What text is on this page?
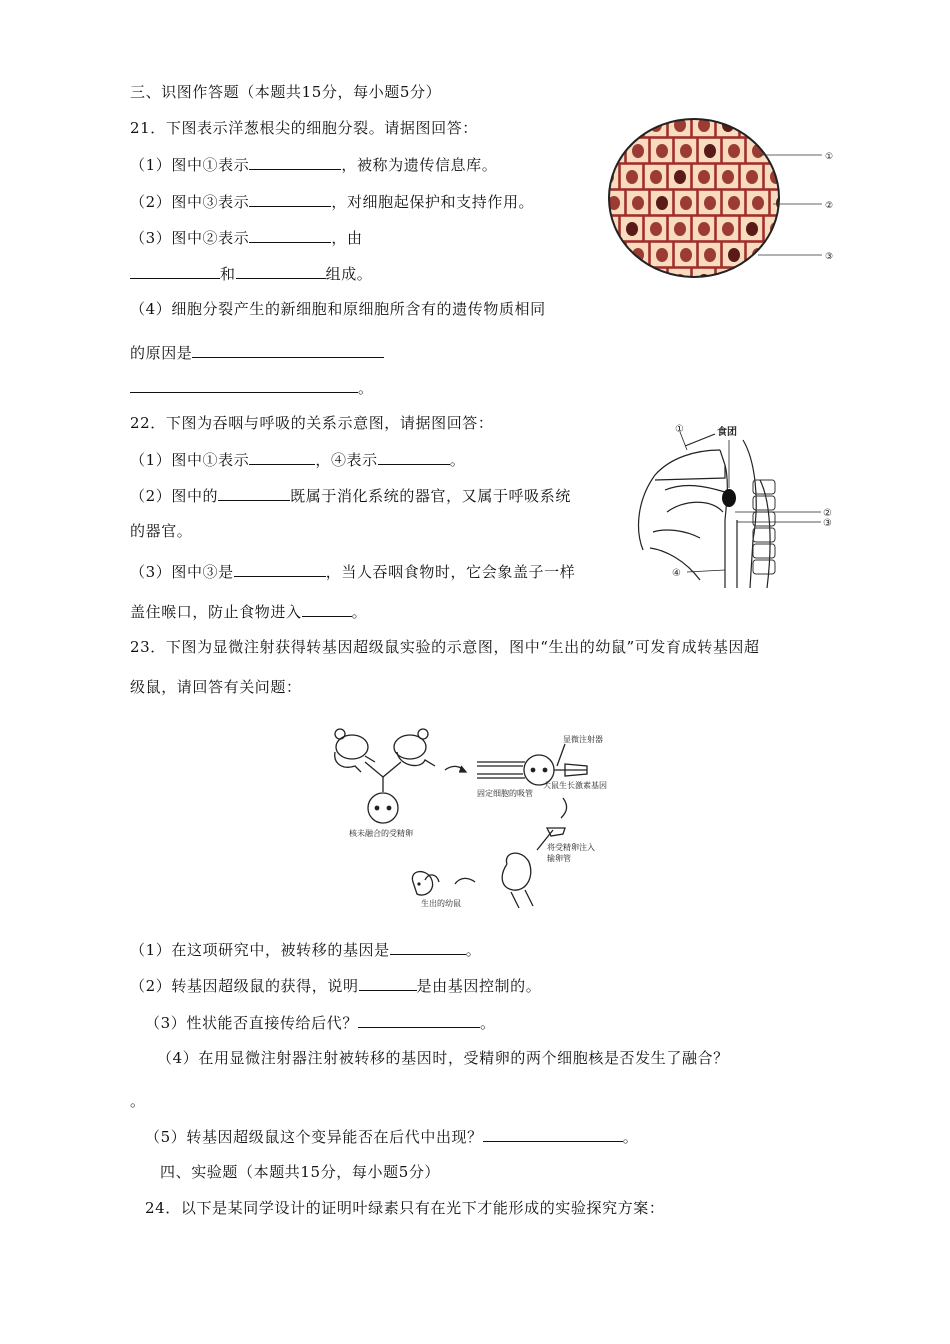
三、识图作答题（本题共15分，每小题5分）
21．下图表示洋葱根尖的细胞分裂。请据图回答：
（1）图中①表示	，被称为遗传信息库。
（2）图中③表示	，对细胞起保护和支持作用。
（3）图中②表示	，由
和	组成。
（4）细胞分裂产生的新细胞和原细胞所含有的遗传物质相同
的原因是
。
①
②
③
22．下图为吞咽与呼吸的关系示意图，请据图回答：
（1）图中①表示	，④表示	。
（2）图中的	既属于消化系统的器官，又属于呼吸系统
的器官。
（3）图中③是	，当人吞咽食物时，它会象盖子一样
盖住喉口，防止食物进入	。
①	食团
②
③
④
23．下图为显微注射获得转基因超级鼠实验的示意图，图中“生出的幼鼠”可发育成转基因超
级鼠，请回答有关问题：
核未融合的受精卵
显微注射器
固定细胞的吸管
大鼠生长激素基因
将受精卵注入
输卵管
生出的幼鼠
（1）在这项研究中，被转移的基因是	。
（2）转基因超级鼠的获得，说明	是由基因控制的。
（3）性状能否直接传给后代？	。
（4）在用显微注射器注射被转移的基因时，受精卵的两个细胞核是否发生了融合？
。
（5）转基因超级鼠这个变异能否在后代中出现？	。
四、实验题（本题共15分，每小题5分）
24．以下是某同学设计的证明叶绿素只有在光下才能形成的实验探究方案：
